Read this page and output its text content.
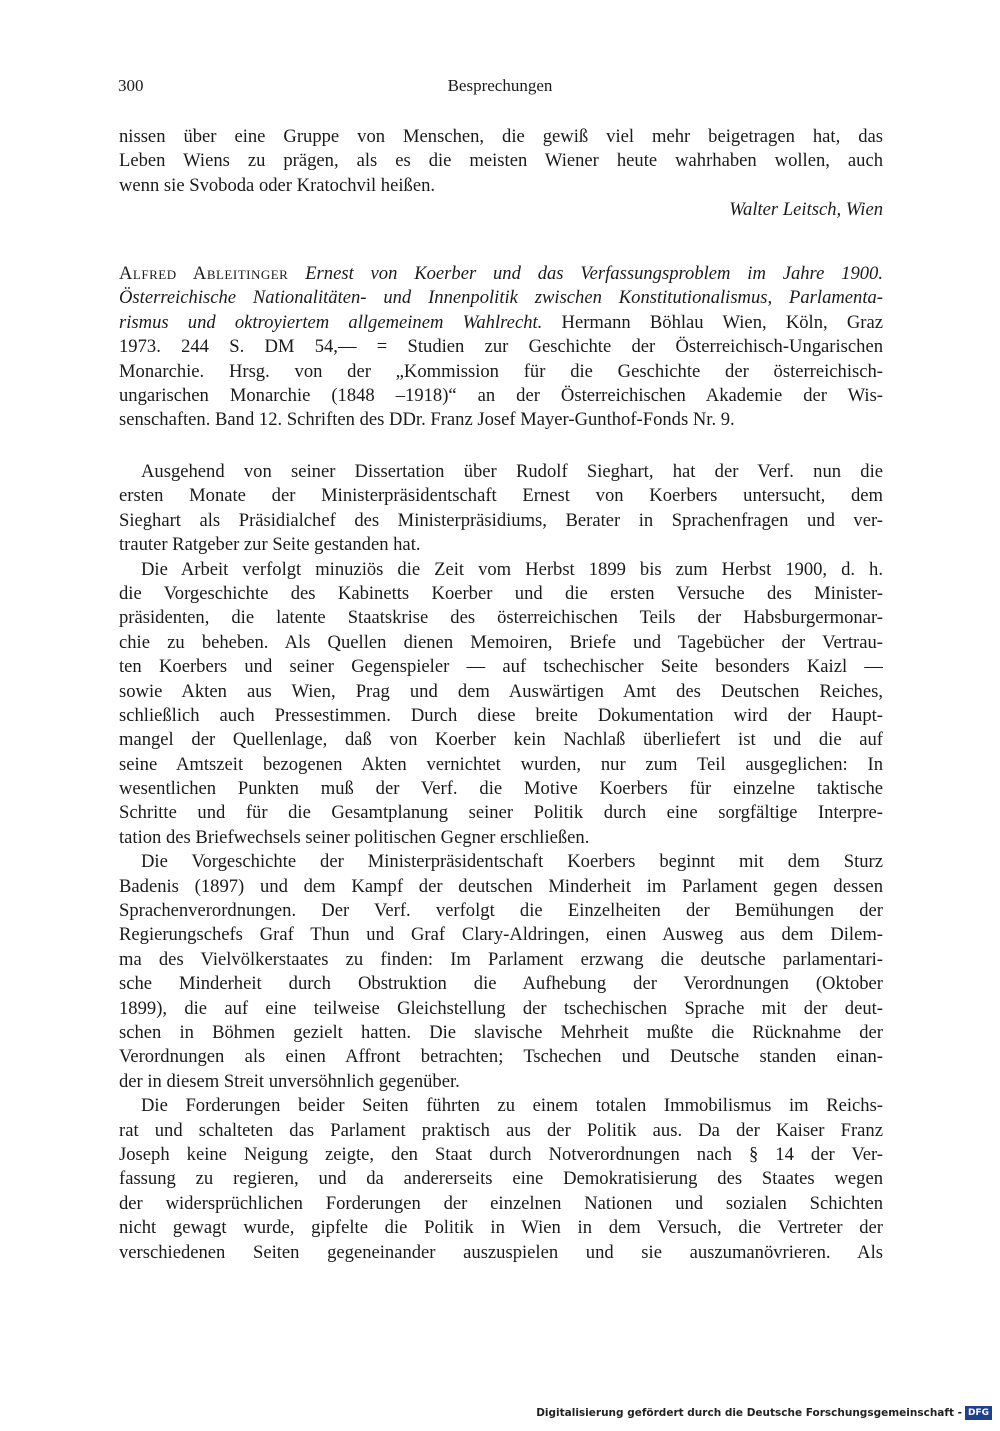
300	Besprechungen
nissen über eine Gruppe von Menschen, die gewiß viel mehr beigetragen hat, das
Leben Wiens zu prägen, als es die meisten Wiener heute wahrhaben wollen, auch
wenn sie Svoboda oder Kratochvil heißen.
Walter Leitsch, Wien
Alfred Ableitinger Ernest von Koerber und das Verfassungsproblem im Jahre 1900.
Österreichische Nationalitäten- und Innenpolitik zwischen Konstitutionalismus, Parlamenta-
rismus und oktroyiertem allgemeinem Wahlrecht. Hermann Böhlau Wien, Köln, Graz
1973. 244 S. DM 54,— = Studien zur Geschichte der Österreichisch-Ungarischen
Monarchie. Hrsg. von der „Kommission für die Geschichte der österreichisch-
ungarischen Monarchie (1848 –1918)“ an der Österreichischen Akademie der Wis-
senschaften. Band 12. Schriften des DDr. Franz Josef Mayer-Gunthof-Fonds Nr. 9.
Ausgehend von seiner Dissertation über Rudolf Sieghart, hat der Verf. nun die
ersten Monate der Ministerpräsidentschaft Ernest von Koerbers untersucht, dem
Sieghart als Präsidialchef des Ministerpräsidiums, Berater in Sprachenfragen und ver-
trauter Ratgeber zur Seite gestanden hat.
Die Arbeit verfolgt minuziös die Zeit vom Herbst 1899 bis zum Herbst 1900, d. h.
die Vorgeschichte des Kabinetts Koerber und die ersten Versuche des Minister-
präsidenten, die latente Staatskrise des österreichischen Teils der Habsburgermonar-
chie zu beheben. Als Quellen dienen Memoiren, Briefe und Tagebücher der Vertrau-
ten Koerbers und seiner Gegenspieler — auf tschechischer Seite besonders Kaizl —
sowie Akten aus Wien, Prag und dem Auswärtigen Amt des Deutschen Reiches,
schließlich auch Pressestimmen. Durch diese breite Dokumentation wird der Haupt-
mangel der Quellenlage, daß von Koerber kein Nachlaß überliefert ist und die auf
seine Amtszeit bezogenen Akten vernichtet wurden, nur zum Teil ausgeglichen: In
wesentlichen Punkten muß der Verf. die Motive Koerbers für einzelne taktische
Schritte und für die Gesamtplanung seiner Politik durch eine sorgfältige Interpre-
tation des Briefwechsels seiner politischen Gegner erschließen.
Die Vorgeschichte der Ministerpräsidentschaft Koerbers beginnt mit dem Sturz
Badenis (1897) und dem Kampf der deutschen Minderheit im Parlament gegen dessen
Sprachenverordnungen. Der Verf. verfolgt die Einzelheiten der Bemühungen der
Regierungschefs Graf Thun und Graf Clary-Aldringen, einen Ausweg aus dem Dilem-
ma des Vielvölkerstaates zu finden: Im Parlament erzwang die deutsche parlamentari-
sche Minderheit durch Obstruktion die Aufhebung der Verordnungen (Oktober
1899), die auf eine teilweise Gleichstellung der tschechischen Sprache mit der deut-
schen in Böhmen gezielt hatten. Die slavische Mehrheit mußte die Rücknahme der
Verordnungen als einen Affront betrachten; Tschechen und Deutsche standen einan-
der in diesem Streit unversöhnlich gegenüber.
Die Forderungen beider Seiten führten zu einem totalen Immobilismus im Reichs-
rat und schalteten das Parlament praktisch aus der Politik aus. Da der Kaiser Franz
Joseph keine Neigung zeigte, den Staat durch Notverordnungen nach § 14 der Ver-
fassung zu regieren, und da andererseits eine Demokratisierung des Staates wegen
der widersprüchlichen Forderungen der einzelnen Nationen und sozialen Schichten
nicht gewagt wurde, gipfelte die Politik in Wien in dem Versuch, die Vertreter der
verschiedenen Seiten gegeneinander auszuspielen und sie auszumanövrieren. Als
Digitalisierung gefördert durch die Deutsche Forschungsgemeinschaft - DFG
